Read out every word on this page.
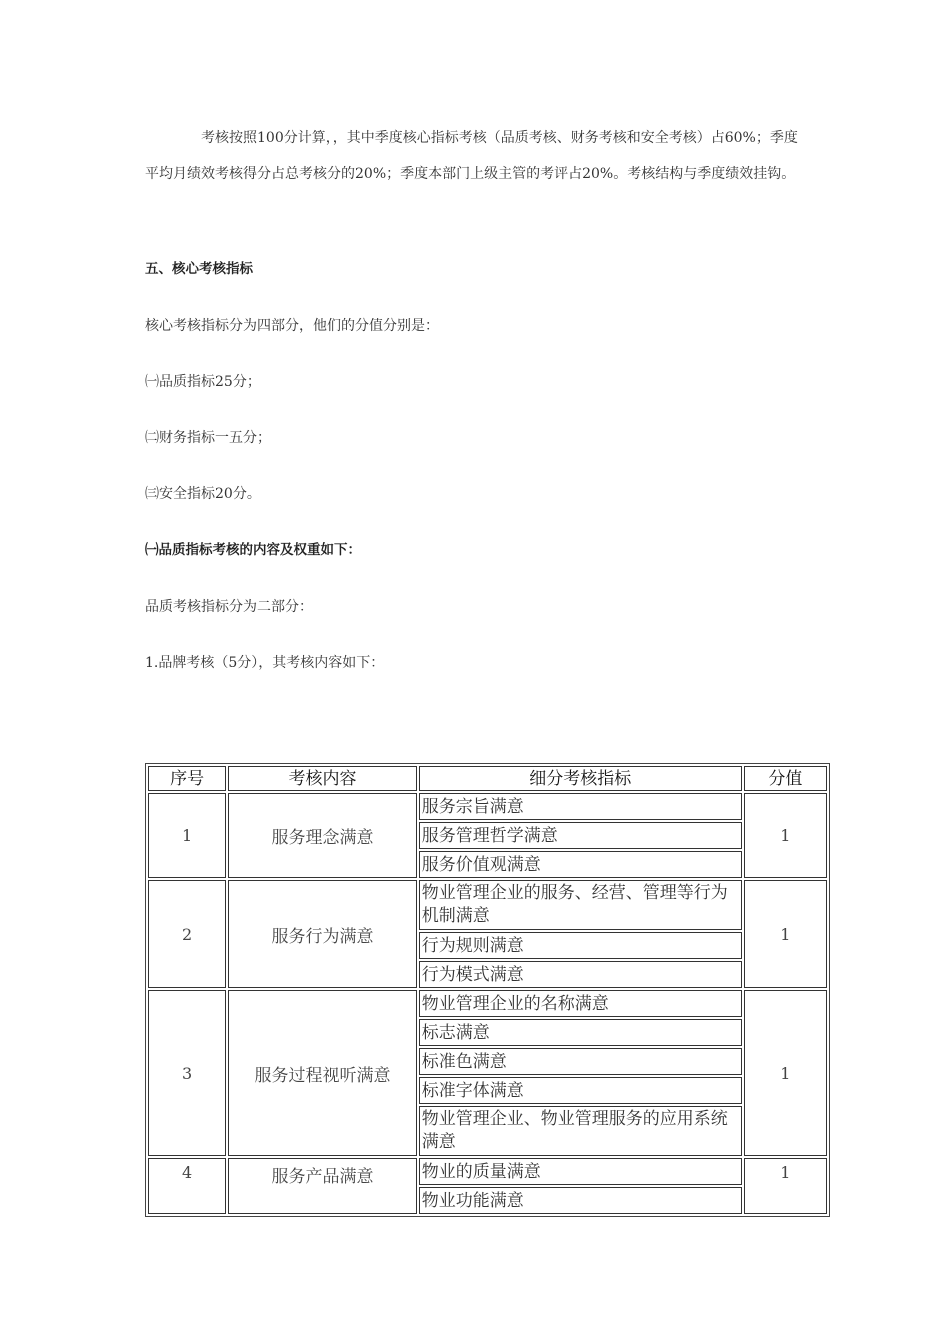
考核按照100分计算，，其中季度核心指标考核（品质考核、财务考核和安全考核）占60%；季度平均月绩效考核得分占总考核分的20%；季度本部门上级主管的考评占20%。考核结构与季度绩效挂钩。

五、核心考核指标

核心考核指标分为四部分，他们的分值分别是：

㈠品质指标25分；

㈡财务指标一五分；

㈢安全指标20分。

㈠品质指标考核的内容及权重如下：

品质考核指标分为二部分：

1.品牌考核（5分），其考核内容如下：

序号	考核内容	细分考核指标	分值
1	服务理念满意	服务宗旨满意	1
		服务管理哲学满意	
		服务价值观满意	
2	服务行为满意	物业管理企业的服务、经营、管理等行为机制满意	1
		行为规则满意	
		行为模式满意	
3	服务过程视听满意	物业管理企业的名称满意	1
		标志满意	
		标准色满意	
		标准字体满意	
		物业管理企业、物业管理服务的应用系统满意	
4	服务产品满意	物业的质量满意	1
		物业功能满意	
